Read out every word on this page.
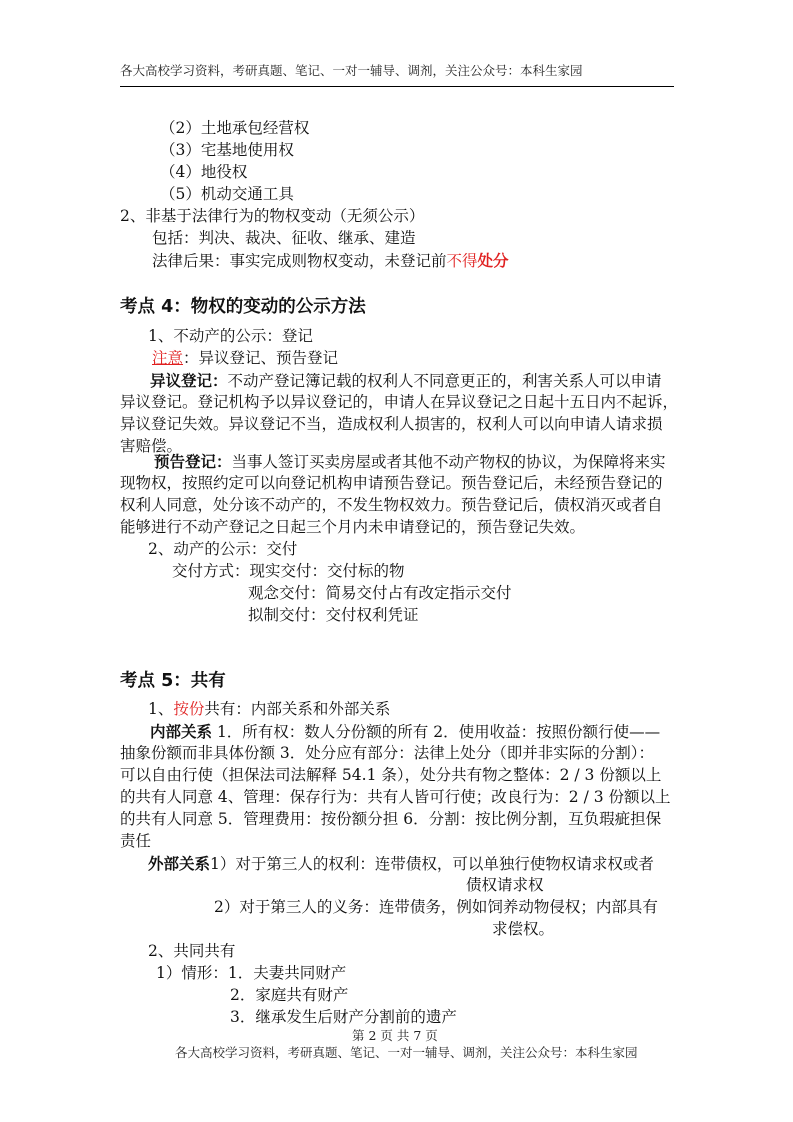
各大高校学习资料，考研真题、笔记、一对一辅导、调剂，关注公众号：本科生家园
（2）土地承包经营权
（3）宅基地使用权
（4）地役权
（5）机动交通工具
2、非基于法律行为的物权变动（无须公示）
包括：判决、裁决、征收、继承、建造
法律后果：事实完成则物权变动，未登记前不得处分
考点 4：物权的变动的公示方法
1、不动产的公示：登记
注意：异议登记、预告登记
异议登记：不动产登记簿记载的权利人不同意更正的，利害关系人可以申请
异议登记。登记机构予以异议登记的，申请人在异议登记之日起十五日内不起诉，
异议登记失效。异议登记不当，造成权利人损害的，权利人可以向申请人请求损
害赔偿。
预告登记：当事人签订买卖房屋或者其他不动产物权的协议，为保障将来实
现物权，按照约定可以向登记机构申请预告登记。预告登记后，未经预告登记的
权利人同意，处分该不动产的，不发生物权效力。预告登记后，债权消灭或者自
能够进行不动产登记之日起三个月内未申请登记的，预告登记失效。
2、动产的公示：交付
交付方式：现实交付：交付标的物
观念交付：简易交付占有改定指示交付
拟制交付：交付权利凭证
考点 5：共有
1、按份共有：内部关系和外部关系
内部关系 1．所有权：数人分份额的所有 2．使用收益：按照份额行使——
抽象份额而非具体份额 3．处分应有部分：法律上处分（即并非实际的分割）：
可以自由行使（担保法司法解释 54.1 条），处分共有物之整体：2 / 3 份额以上
的共有人同意 4、管理：保存行为：共有人皆可行使；改良行为：2 / 3 份额以上
的共有人同意 5．管理费用：按份额分担 6．分割：按比例分割，互负瑕疵担保
责任
外部关系1）对于第三人的权利：连带债权，可以单独行使物权请求权或者
债权请求权
2）对于第三人的义务：连带债务，例如饲养动物侵权；内部具有
求偿权。
2、共同共有
1）情形：1．夫妻共同财产
2．家庭共有财产
3．继承发生后财产分割前的遗产
第 2 页 共 7 页
各大高校学习资料，考研真题、笔记、一对一辅导、调剂，关注公众号：本科生家园
